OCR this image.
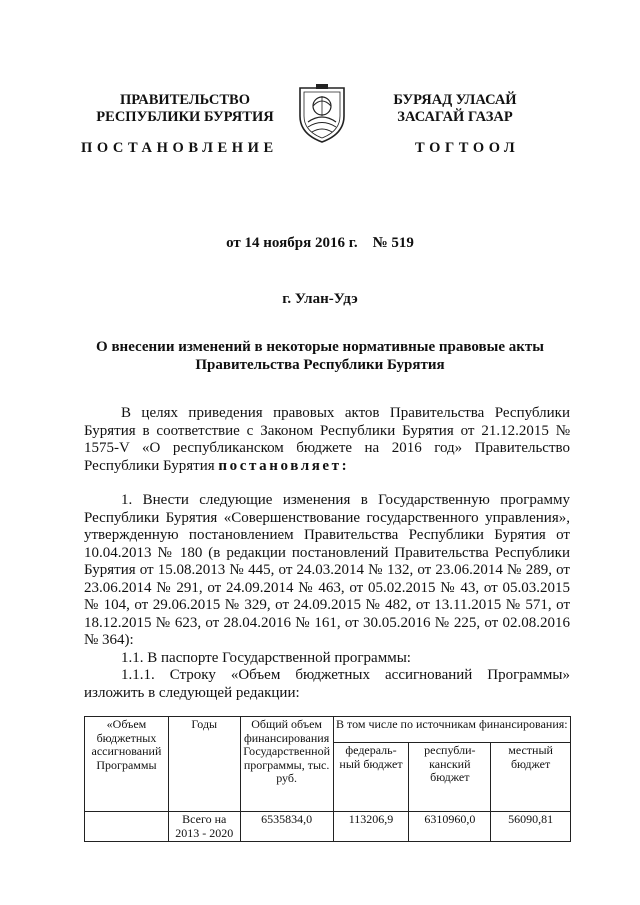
ПРАВИТЕЛЬСТВО
РЕСПУБЛИКИ БУРЯТИЯ
БУРЯАД УЛАСАЙ
ЗАСАГАЙ ГАЗАР
ПОСТАНОВЛЕНИЕ	ТОГТООЛ
от 14 ноября 2016 г.    № 519
г. Улан-Удэ
О внесении изменений в некоторые нормативные правовые акты
Правительства Республики Бурятия

В целях приведения правовых актов Правительства Республики Бурятия в соответствие с Законом Республики Бурятия от 21.12.2015 № 1575-V «О республиканском бюджете на 2016 год» Правительство Республики Бурятия постановляет:

1. Внести следующие изменения в Государственную программу Республики Бурятия «Совершенствование государственного управления», утвержденную постановлением Правительства Республики Бурятия от 10.04.2013 № 180 (в редакции постановлений Правительства Республики Бурятия от 15.08.2013 № 445, от 24.03.2014 № 132, от 23.06.2014 № 289, от 23.06.2014 № 291, от 24.09.2014 № 463, от 05.02.2015 № 43, от 05.03.2015 № 104, от 29.06.2015 № 329, от 24.09.2015 № 482, от 13.11.2015 № 571, от 18.12.2015 № 623, от 28.04.2016 № 161, от 30.05.2016 № 225, от 02.08.2016 № 364):

1.1. В паспорте Государственной программы:

1.1.1. Строку «Объем бюджетных ассигнований Программы» изложить в следующей редакции:

«Объем бюджетных ассигнований Программы	Годы	Общий объем финансирования Государственной программы, тыс. руб.	В том числе по источникам финансирования:		
			федераль-ный бюджет	республи-канский бюджет	местный бюджет
	Всего на 2013 - 2020	6535834,0	113206,9	6310960,0	56090,81
